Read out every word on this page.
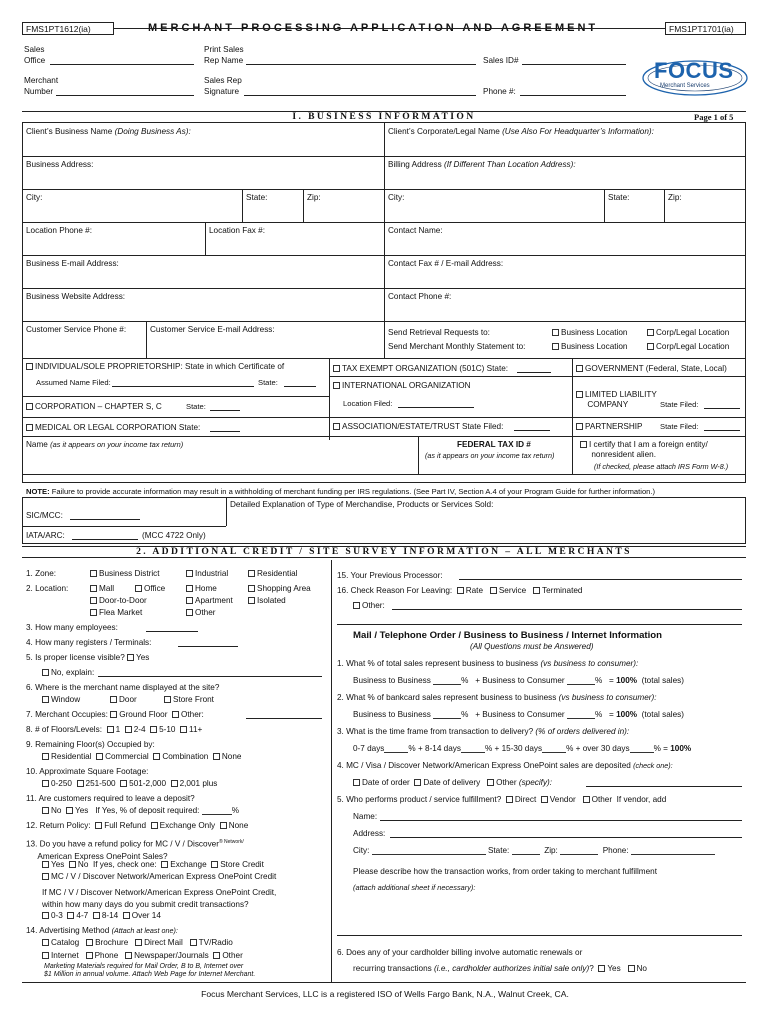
FMS1PT1612(ia)	MERCHANT PROCESSING APPLICATION AND AGREEMENT	FMS1PT1701(ia)
Sales
Office
Print Sales
Rep Name	Sales ID#
Merchant
Number
Sales Rep
Signature	Phone #:
FOCUS
Merchant Services
I. BUSINESS INFORMATION	Page 1 of 5
Client’s Business Name (Doing Business As):	Client’s Corporate/Legal Name (Use Also For Headquarter’s Information):
Business Address:	Billing Address (If Different Than Location Address):
City:	State:	Zip:	City:	State:	Zip:
Location Phone #:	Location Fax #:	Contact Name:
Business E-mail Address:	Contact Fax # / E-mail Address:
Business Website Address:	Contact Phone #:
Customer Service Phone #:	Customer Service E-mail Address:	Send Retrieval Requests to:	Business Location	Corp/Legal Location
Send Merchant Monthly Statement to:	Business Location	Corp/Legal Location
INDIVIDUAL/SOLE PROPRIETORSHIP: State in which Certificate of
Assumed Name Filed:	State:
CORPORATION – CHAPTER S, C	State:
MEDICAL OR LEGAL CORPORATION State:
TAX EXEMPT ORGANIZATION (501C) State:
INTERNATIONAL ORGANIZATION
Location Filed:
ASSOCIATION/ESTATE/TRUST State Filed:
GOVERNMENT (Federal, State, Local)
LIMITED LIABILITY
COMPANY	State Filed:
PARTNERSHIP State Filed:
Name (as it appears on your income tax return)	FEDERAL TAX ID #
(as it appears on your income tax return)
I certify that I am a foreign entity/
nonresident alien.
(If checked, please attach IRS Form W-8.)
NOTE: Failure to provide accurate information may result in a withholding of merchant funding per IRS regulations. (See Part IV, Section A.4 of your Program Guide for further information.)
SIC/MCC:
Detailed Explanation of Type of Merchandise, Products or Services Sold:
IATA/ARC:	(MCC 4722 Only)
2. ADDITIONAL CREDIT / SITE SURVEY INFORMATION – ALL MERCHANTS
1. Zone:	Business District	Industrial	Residential
2. Location:	Mall	Office	Home	Shopping Area
Door-to-Door	Apartment	Isolated
Flea Market	Other
3. How many employees:
4. How many registers / Terminals:
5. Is proper license visible? Yes
No, explain:
6. Where is the merchant name displayed at the site?
Window	Door	Store Front
7. Merchant Occupies: Ground Floor Other:
8. # of Floors/Levels: 1 2-4 5-10 11+
9. Remaining Floor(s) Occupied by:
Residential Commercial Combination None
10. Approximate Square Footage:
0-250 251-500 501-2,000 2,001 plus
11. Are customers required to leave a deposit?
No Yes If Yes, % of deposit required:	%
12. Return Policy: Full Refund Exchange Only None
13. Do you have a refund policy for MC / V / Discover$^{® Network/}$
American Express OnePoint Sales?
Yes No If yes, check one: Exchange Store Credit
MC / V / Discover Network/American Express OnePoint Credit
If MC / V / Discover Network/American Express OnePoint Credit,
within how many days do you submit credit transactions?
0-3 4-7 8-14 Over 14
14. Advertising Method (Attach at least one):
Catalog Brochure Direct Mail TV/Radio
Internet Phone Newspaper/Journals Other
Marketing Materials required for Mail Order, B to B, Internet over
$1 Million in annual volume. Attach Web Page for Internet Merchant.
15. Your Previous Processor:
16. Check Reason For Leaving: Rate Service Terminated
Other:
Mail / Telephone Order / Business to Business / Internet Information
(All Questions must be Answered)
1. What % of total sales represent business to business (vs business to consumer):
Business to Business	% + Business to Consumer	% = 100% (total sales)
2. What % of bankcard sales represent business to business (vs business to consumer):
Business to Business	% + Business to Consumer	% = 100% (total sales)
3. What is the time frame from transaction to delivery? (% of orders delivered in):
0-7 days	% + 8-14 days	% + 15-30 days	% + over 30 days	% = 100%
4. MC / Visa / Discover Network/American Express OnePoint sales are deposited (check one):
Date of order Date of delivery Other (specify):
5. Who performs product / service fulfillment? Direct Vendor Other If vendor, add
Name:
Address:
City:	State:	Zip:	Phone:
Please describe how the transaction works, from order taking to merchant fulfillment
(attach additional sheet if necessary):
6. Does any of your cardholder billing involve automatic renewals or
recurring transactions (i.e., cardholder authorizes initial sale only)? Yes No
Focus Merchant Services, LLC is a registered ISO of Wells Fargo Bank, N.A., Walnut Creek, CA.
